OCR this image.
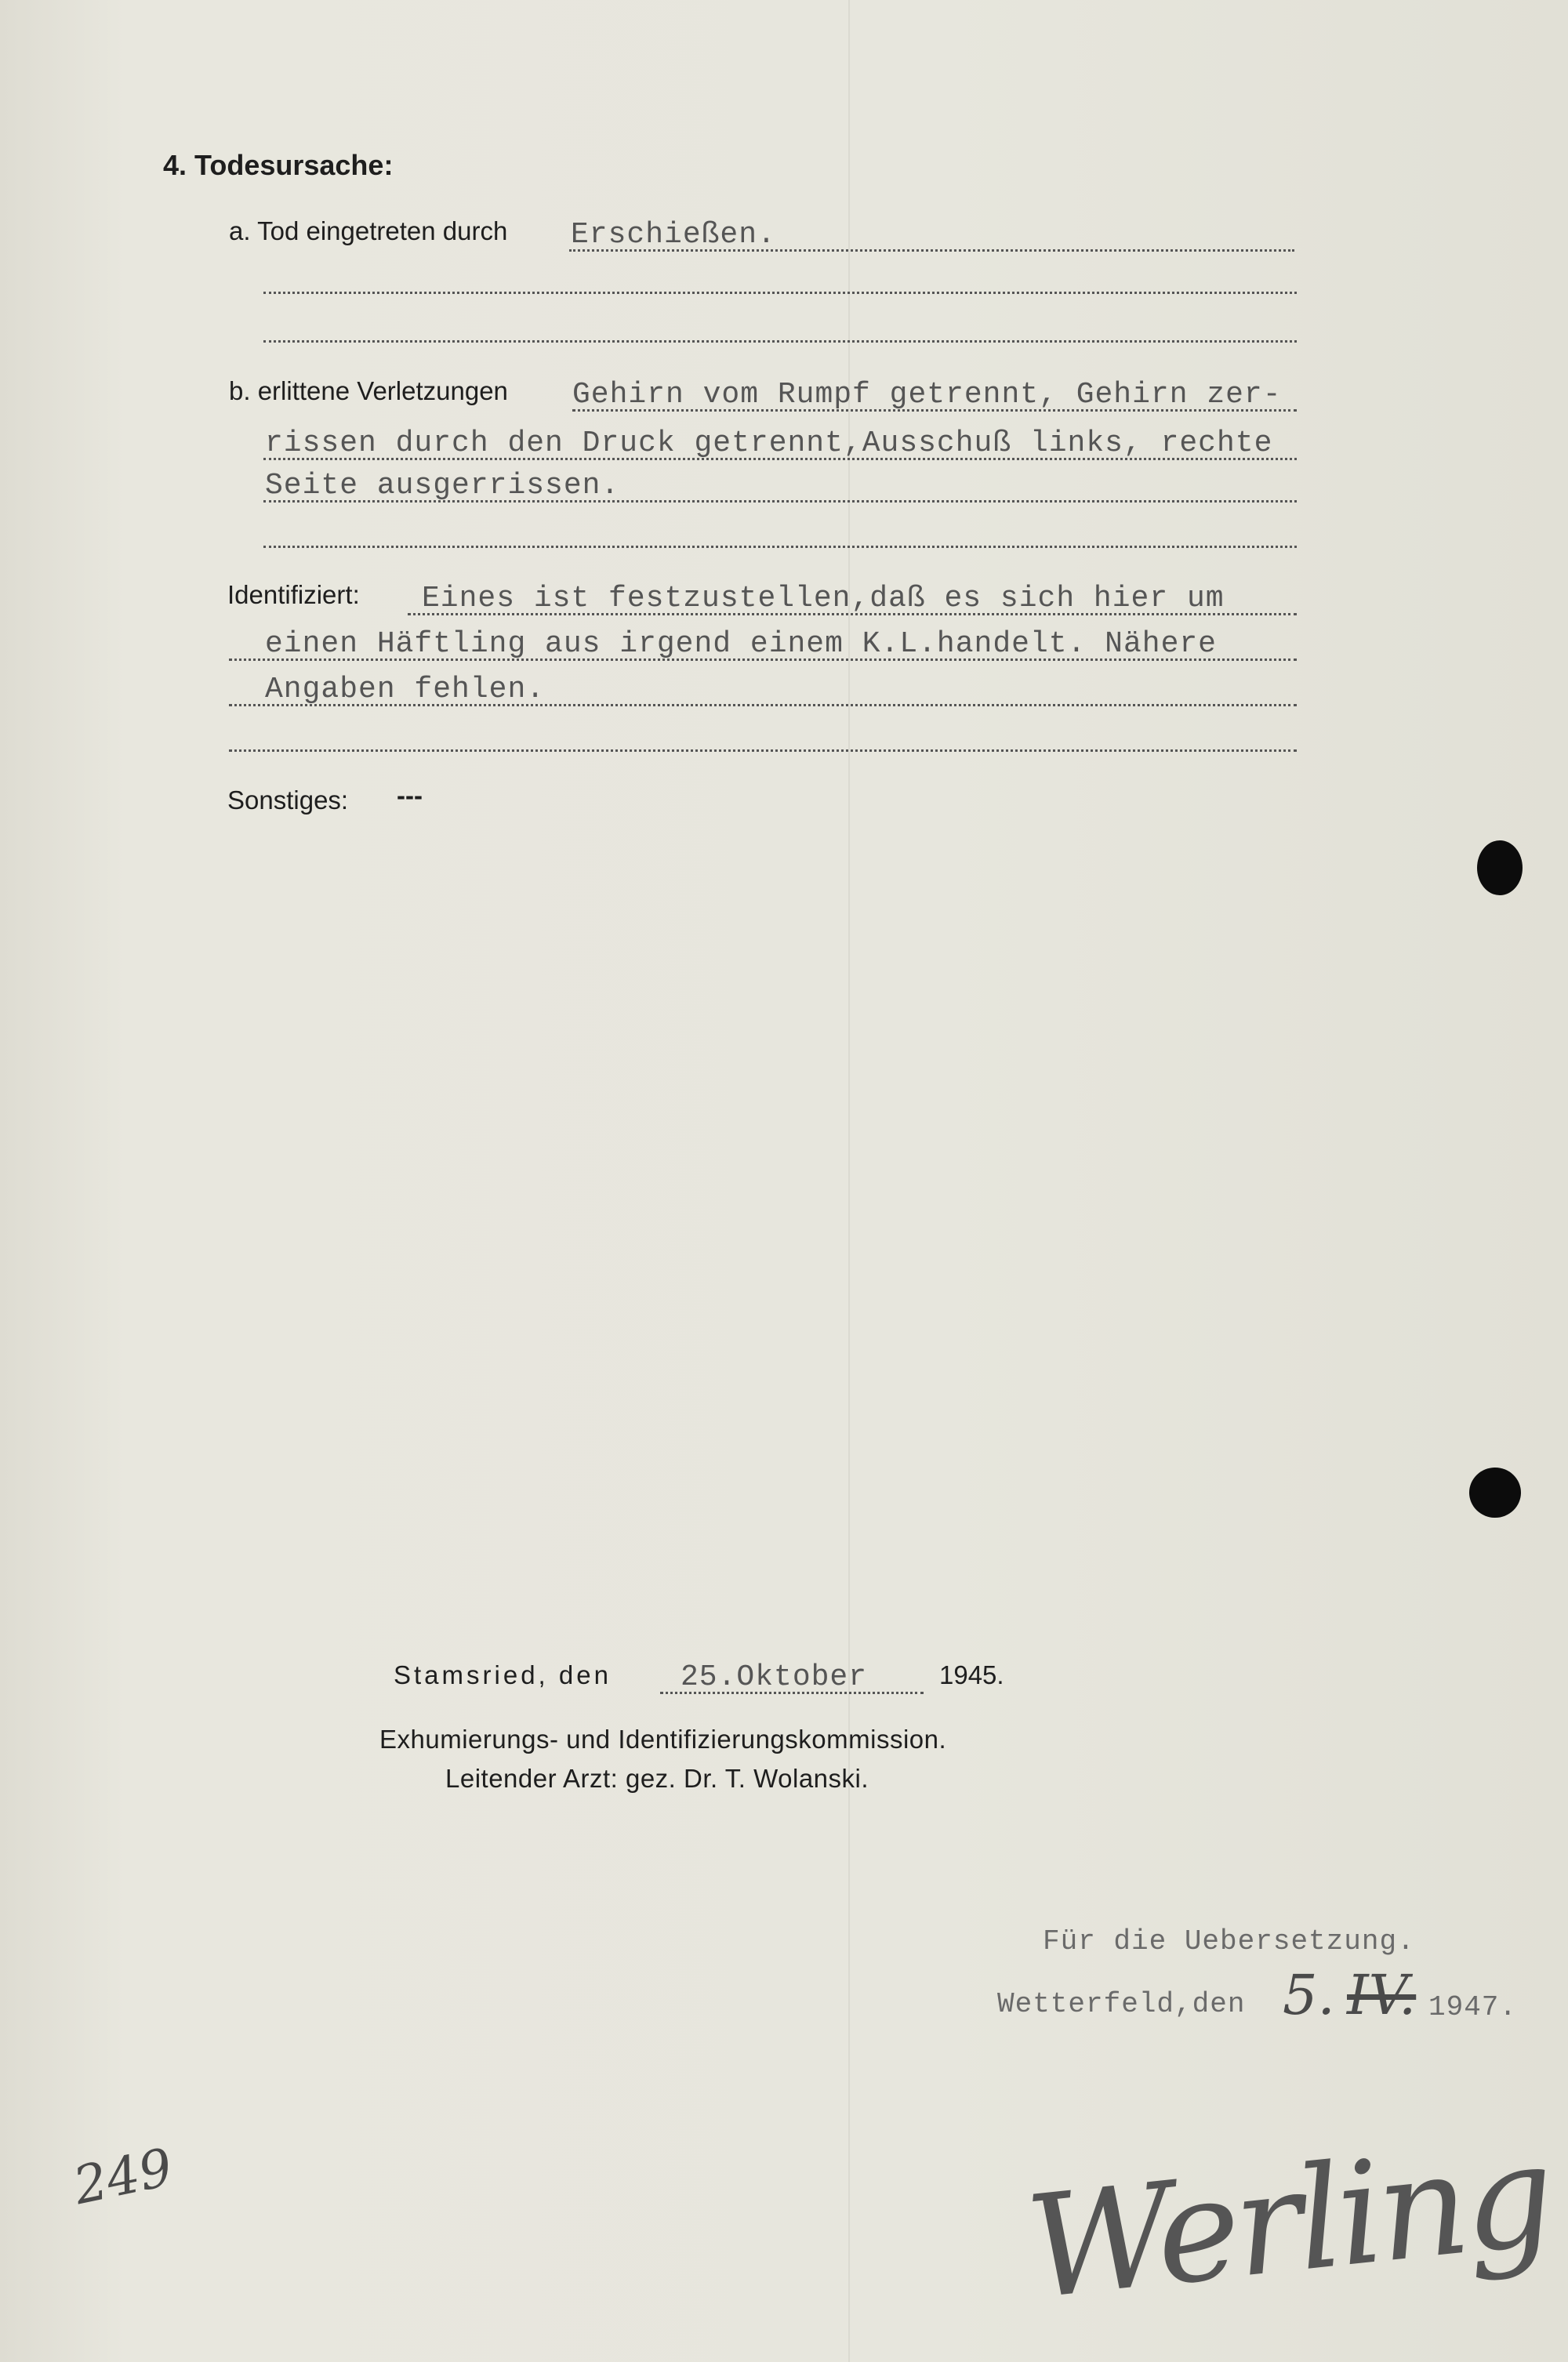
4. Todesursache:
a. Tod eingetreten durch Erschießen.
b. erlittene Verletzungen Gehirn vom Rumpf getrennt, Gehirn zer-
rissen durch den Druck getrennt,Ausschuß links, rechte
Seite ausgerrissen.
Identifiziert: Eines ist festzustellen,daß es sich hier um
einen Häftling aus irgend einem K.L.handelt. Nähere
Angaben fehlen.
Sonstiges: ---
Stamsried, den 25.Oktober	1945.
Exhumierungs- und Identifizierungskommission.
Leitender Arzt: gez. Dr. T. Wolanski.
Für die Uebersetzung.
Wetterfeld,den 5. IV. 1947.
249	Werling
